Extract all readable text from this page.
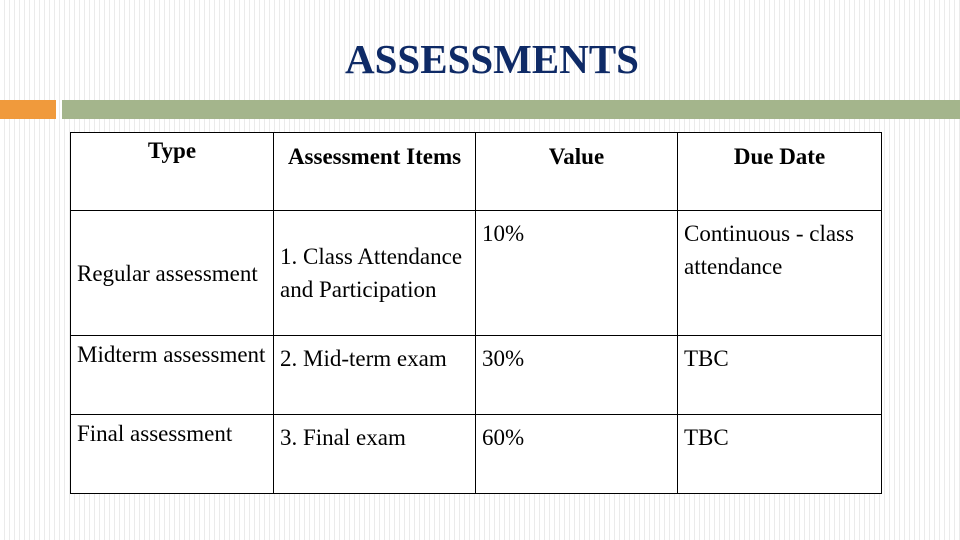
ASSESSMENTS
Type	Assessment Items	Value	Due Date
Regular assessment	1. Class Attendance and Participation	10%	Continuous - class attendance
Midterm assessment	2. Mid-term exam	30%	TBC
Final assessment	3. Final exam	60%	TBC
